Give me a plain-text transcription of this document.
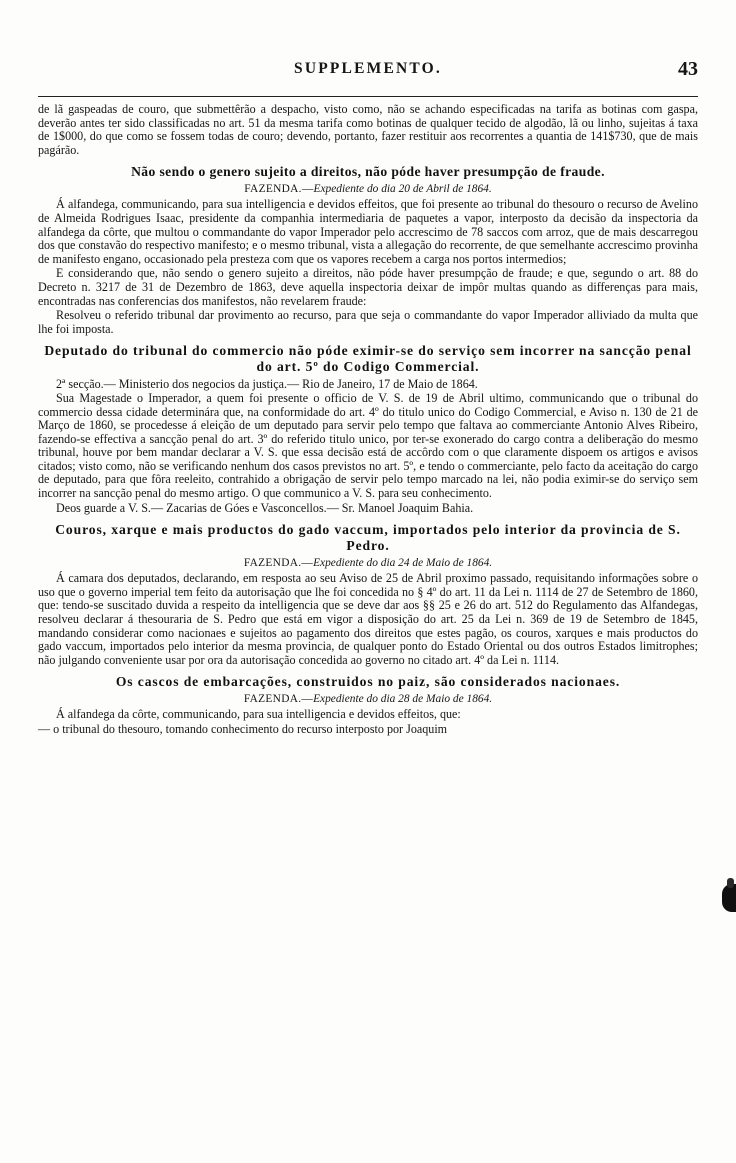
SUPPLEMENTO.	43

de lã gaspeadas de couro, que submettêrão a despacho, visto como, não se achando especificadas na tarifa as botinas com gaspa, deverão antes ter sido classificadas no art. 51 da mesma tarifa como botinas de qualquer tecido de algodão, lã ou linho, sujeitas á taxa de 1$000, do que como se fossem todas de couro; devendo, portanto, fazer restituir aos recorrentes a quantia de 141$730, que de mais pagárão.

Não sendo o genero sujeito a direitos, não póde haver presumpção de fraude.
FAZENDA.—Expediente do dia 20 de Abril de 1864.

Á alfandega, communicando, para sua intelligencia e devidos effeitos, que foi presente ao tribunal do thesouro o recurso de Avelino de Almeida Rodrigues Isaac, presidente da companhia intermediaria de paquetes a vapor, interposto da decisão da inspectoria da alfandega da côrte, que multou o commandante do vapor Imperador pelo accrescimo de 78 saccos com arroz, que de mais descarregou dos que constavão do respectivo manifesto; e o mesmo tribunal, vista a allegação do recorrente, de que semelhante accrescimo provinha de manifesto engano, occasionado pela presteza com que os vapores recebem a carga nos portos intermedios;

E considerando que, não sendo o genero sujeito a direitos, não póde haver presumpção de fraude; e que, segundo o art. 88 do Decreto n. 3217 de 31 de Dezembro de 1863, deve aquella inspectoria deixar de impôr multas quando as differenças para mais, encontradas nas conferencias dos manifestos, não revelarem fraude:

Resolveu o referido tribunal dar provimento ao recurso, para que seja o commandante do vapor Imperador alliviado da multa que lhe foi imposta.

Deputado do tribunal do commercio não póde eximir-se do serviço sem incorrer na sancção penal do art. 5º do Codigo Commercial.

2ª secção.— Ministerio dos negocios da justiça.— Rio de Janeiro, 17 de Maio de 1864.

Sua Magestade o Imperador, a quem foi presente o officio de V. S. de 19 de Abril ultimo, communicando que o tribunal do commercio dessa cidade determinára que, na conformidade do art. 4º do titulo unico do Codigo Commercial, e Aviso n. 130 de 21 de Março de 1860, se procedesse á eleição de um deputado para servir pelo tempo que faltava ao commerciante Antonio Alves Ribeiro, fazendo-se effectiva a sancção penal do art. 3º do referido titulo unico, por ter-se exonerado do cargo contra a deliberação do mesmo tribunal, houve por bem mandar declarar a V. S. que essa decisão está de accôrdo com o que claramente dispoem os artigos e avisos citados; visto como, não se verificando nenhum dos casos previstos no art. 5º, e tendo o commerciante, pelo facto da aceitação do cargo de deputado, para que fôra reeleito, contrahido a obrigação de servir pelo tempo marcado na lei, não podia eximir-se do serviço sem incorrer na sancção penal do mesmo artigo. O que communico a V. S. para seu conhecimento.

Deos guarde a V. S.— Zacarias de Góes e Vasconcellos.— Sr. Manoel Joaquim Bahia.

Couros, xarque e mais productos do gado vaccum, importados pelo interior da provincia de S. Pedro.
FAZENDA.—Expediente do dia 24 de Maio de 1864.

Á camara dos deputados, declarando, em resposta ao seu Aviso de 25 de Abril proximo passado, requisitando informações sobre o uso que o governo imperial tem feito da autorisação que lhe foi concedida no § 4º do art. 11 da Lei n. 1114 de 27 de Setembro de 1860, que: tendo-se suscitado duvida a respeito da intelligencia que se deve dar aos §§ 25 e 26 do art. 512 do Regulamento das Alfandegas, resolveu declarar á thesouraria de S. Pedro que está em vigor a disposição do art. 25 da Lei n. 369 de 19 de Setembro de 1845, mandando considerar como nacionaes e sujeitos ao pagamento dos direitos que estes pagão, os couros, xarques e mais productos do gado vaccum, importados pelo interior da mesma provincia, de qualquer ponto do Estado Oriental ou dos outros Estados limitrophes; não julgando conveniente usar por ora da autorisação concedida ao governo no citado art. 4º da Lei n. 1114.

Os cascos de embarcações, construidos no paiz, são considerados nacionaes.
FAZENDA.—Expediente do dia 28 de Maio de 1864.

Á alfandega da côrte, communicando, para sua intelligencia e devidos effeitos, que:

— o tribunal do thesouro, tomando conhecimento do recurso interposto por Joaquim
